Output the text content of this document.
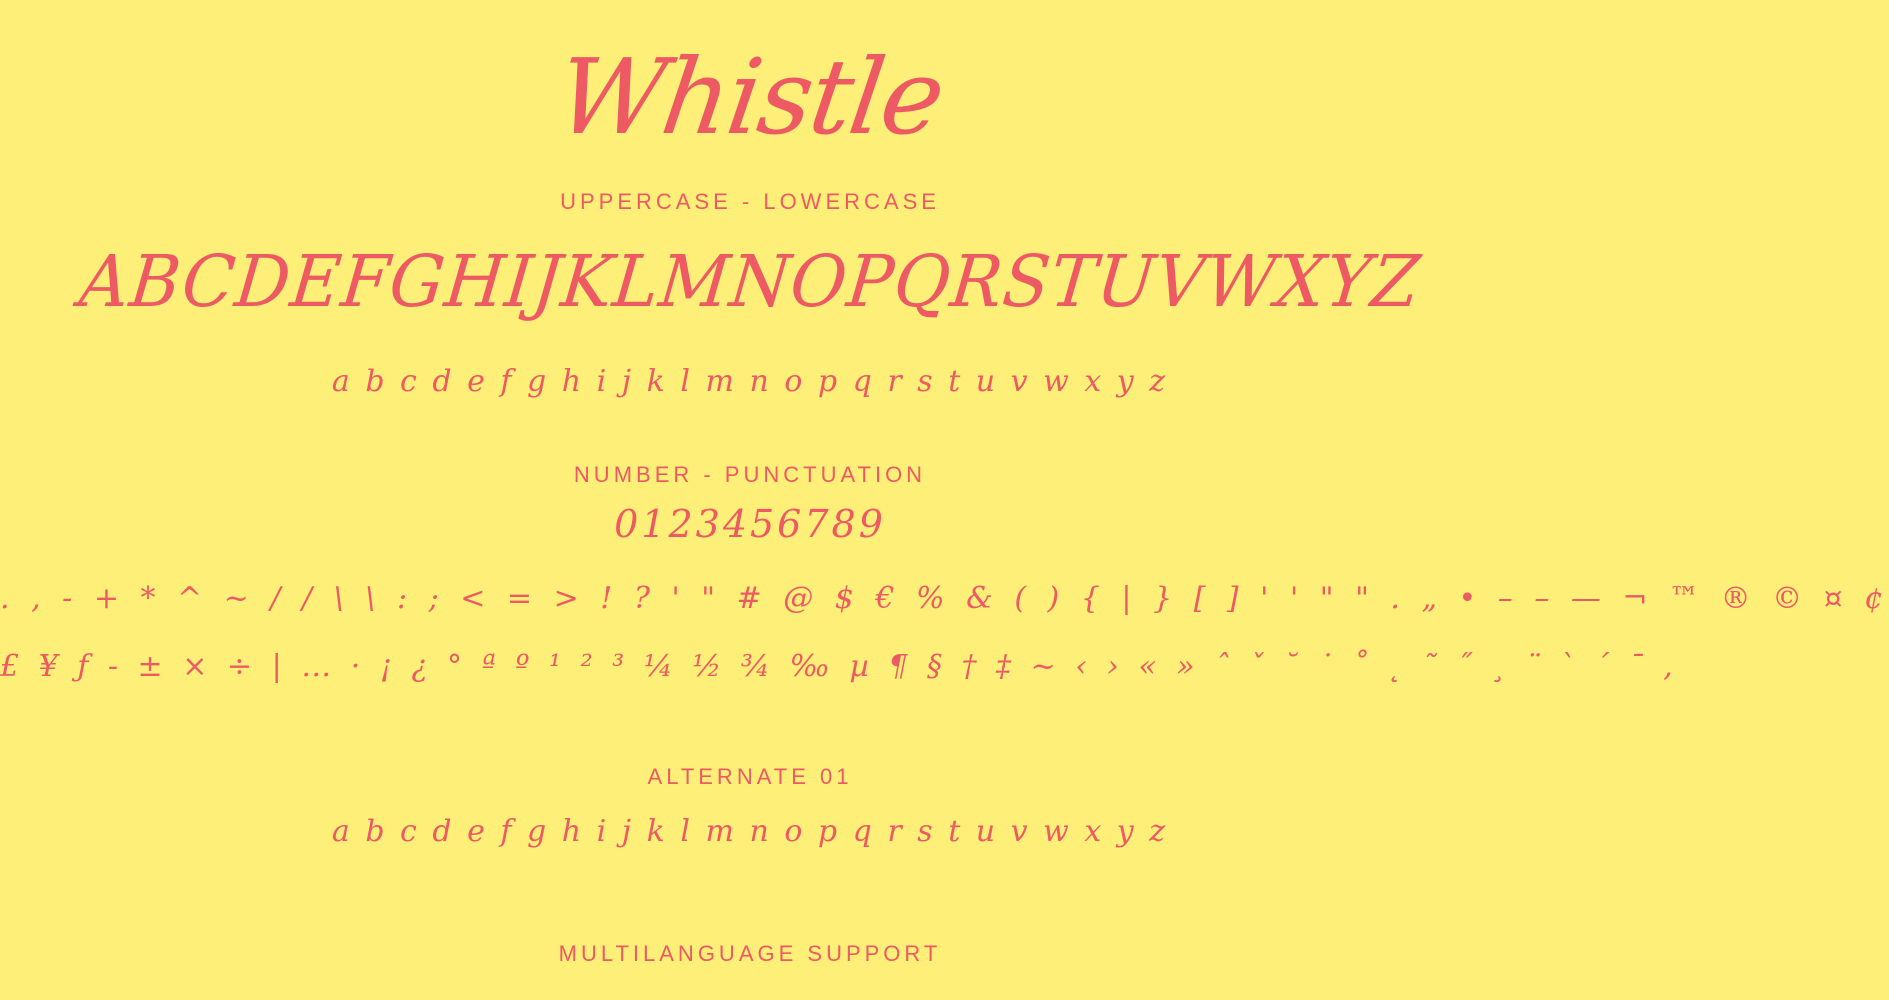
Whistle
UPPERCASE - LOWERCASE
ABCDEFGHIJKLMNOPQRSTUVWXYZ
a b c d e f g h i j k l m n o p q r s t u v w x y z
NUMBER - PUNCTUATION
0123456789
. , - + * ^ ~ / / \ \ : ; < = > ! ? ' " # @ $ € % & ( ) { | } [ ] ' ' " " . „ • – – — ¬ ™ ® © ¤ ¢
£ ¥ ƒ - ± × ÷ | … · ¡ ¿ ° ª º ¹ ² ³ ¼ ½ ¾ ‰ µ ¶ § † ‡ ~ ‹ › « » ˆ ˇ ˘ ˙ ˚ ˛ ˜ ˝ ¸ ¨ ` ´ ¯ ,
ALTERNATE 01
a b c d e f g h i j k l m n o p q r s t u v w x y z
MULTILANGUAGE SUPPORT
